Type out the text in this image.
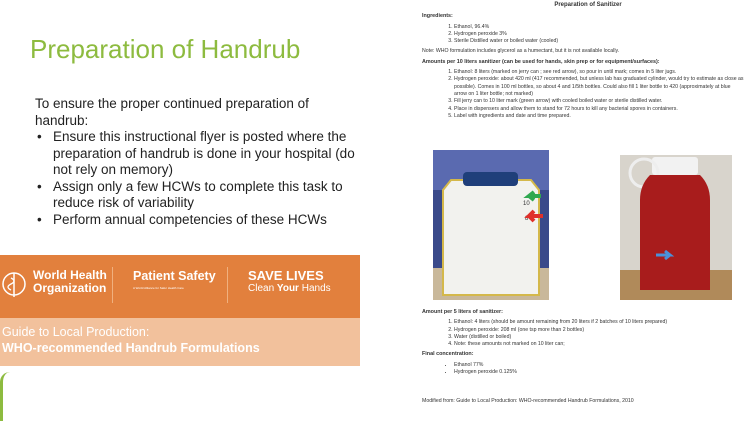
Preparation of Handrub
To ensure the proper continued preparation of handrub:
• Ensure this instructional flyer is posted where the preparation of handrub is done in your hospital (do not rely on memory)
• Assign only a few HCWs to complete this task to reduce risk of variability
• Perform annual competencies of these HCWs
World Health
Organization
Patient Safety
A World Alliance for Safer Health Care
SAVE LIVES
Clean Your Hands
Guide to Local Production:
WHO-recommended Handrub Formulations
Preparation of Sanitizer
Ingredients:
1. Ethanol, 96.4%
2. Hydrogen peroxide 3%
3. Sterile Distilled water or boiled water (cooled)

Note: WHO formulation includes glycerol as a humectant, but it is not available locally.

Amounts per 10 liters sanitizer (can be used for hands, skin prep or for equipment/surfaces):
1. Ethanol: 8 liters (marked on jerry can ; see red arrow), so pour in until mark; comes in 5 liter jugs.
2. Hydrogen peroxide: about 420 ml (417 recommended, but unless lab has graduated cylinder, would try to estimate as close as possible). Comes in 100 ml bottles, so about 4 and 1/5th bottles. Could also fill 1 liter bottle to 420 (approximately at blue arrow on 1 liter bottle; not marked)
3. Fill jerry can to 10 liter mark (green arrow) with cooled boiled water or sterile distilled water.
4. Place in dispensers and allow them to stand for 72 hours to kill any bacterial spores in containers.
5. Label with ingredients and date and time prepared.
Amount per 5 liters of sanitizer:
1. Ethanol: 4 liters (should be amount remaining from 20 liters if 2 batches of 10 liters prepared)
2. Hydrogen peroxide: 208 ml (one tsp more than 2 bottles)
3. Water (distilled or boiled)
4. Note: these amounts not marked on 10 liter can;
Final concentration:
• Ethanol 77%
• Hydrogen peroxide 0.125%

Modified from: Guide to Local Production: WHO-recommended Handrub Formulations, 2010

10
8
